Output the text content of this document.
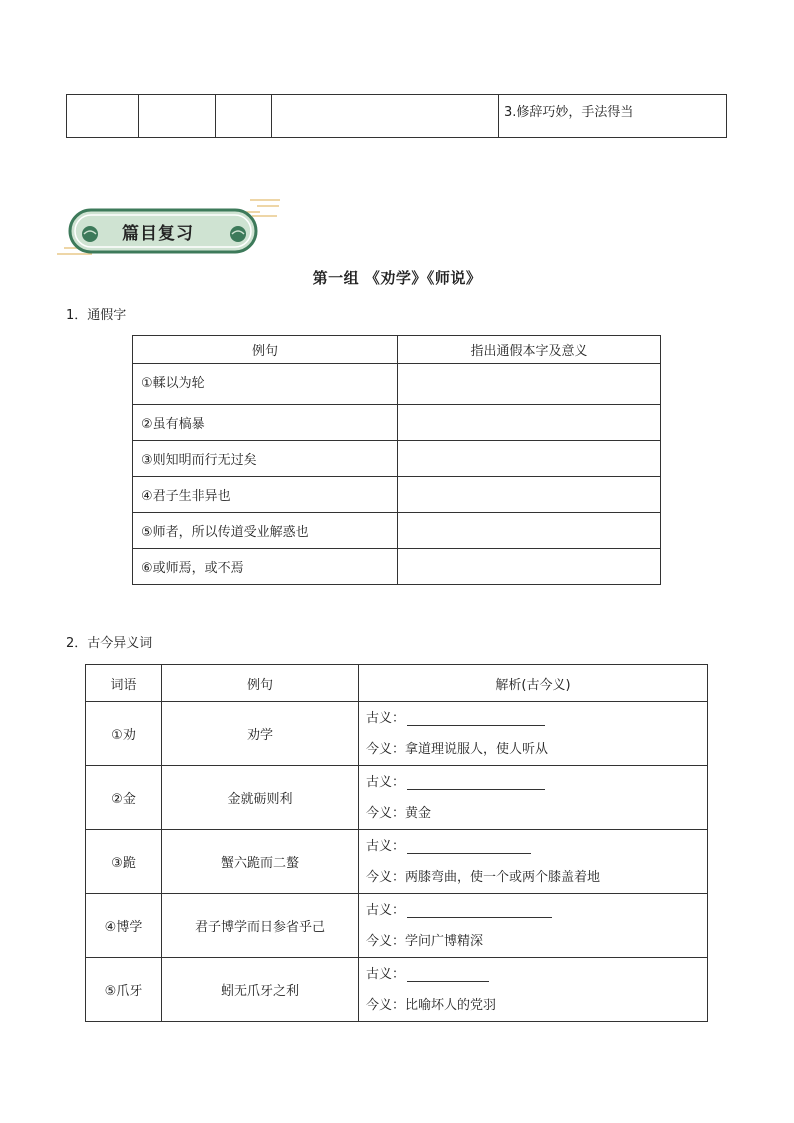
				3.修辞巧妙，手法得当
篇目复习
第一组 《劝学》《师说》
1．通假字
例句	指出通假本字及意义
①輮以为轮	
②虽有槁暴	
③则知明而行无过矣	
④君子生非异也	
⑤师者，所以传道受业解惑也	
⑥或师焉，或不焉	
2．古今异义词
词语	例句	解析(古今义)
①劝	劝学	古义：
今义：拿道理说服人，使人听从

②金	金就砺则利	古义：
今义：黄金

③跪	蟹六跪而二螯	古义：
今义：两膝弯曲，使一个或两个膝盖着地

④博学	君子博学而日参省乎己	古义：
今义：学问广博精深

⑤爪牙	蚓无爪牙之利	古义：
今义：比喻坏人的党羽
